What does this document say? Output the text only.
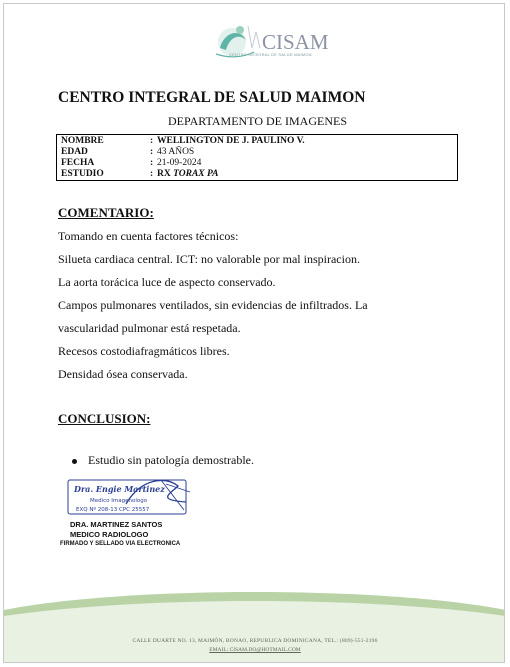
CISAM
CENTRO INTEGRAL DE SALUD MAIMON
CENTRO INTEGRAL DE SALUD MAIMON
DEPARTAMENTO DE IMAGENES
NOMBRE	: WELLINGTON DE J. PAULINO V.
EDAD	: 43 AÑOS
FECHA	: 21-09-2024
ESTUDIO	: RX TORAX PA
COMENTARIO:
Tomando en cuenta factores técnicos:
Silueta cardiaca central. ICT: no valorable por mal inspiracion.
La aorta torácica luce de aspecto conservado.
Campos pulmonares ventilados, sin evidencias de infiltrados. La
vascularidad pulmonar está respetada.
Recesos costodiafragmáticos libres.
Densidad ósea conservada.
CONCLUSION:
Estudio sin patología demostrable.
Dra. Engie Martinez
Medico Imagenologo
EXQ Nº 208-13 CPC 25557
DRA. MARTINEZ SANTOS
MEDICO RADIOLOGO
FIRMADO Y SELLADO VIA ELECTRONICA
CALLE DUARTE NO. 13, MAIMÓN, BONAO, REPUBLICA DOMINICANA, TEL.: (809)-551-2196
EMAIL: CISAM.DO@HOTMAIL.COM
